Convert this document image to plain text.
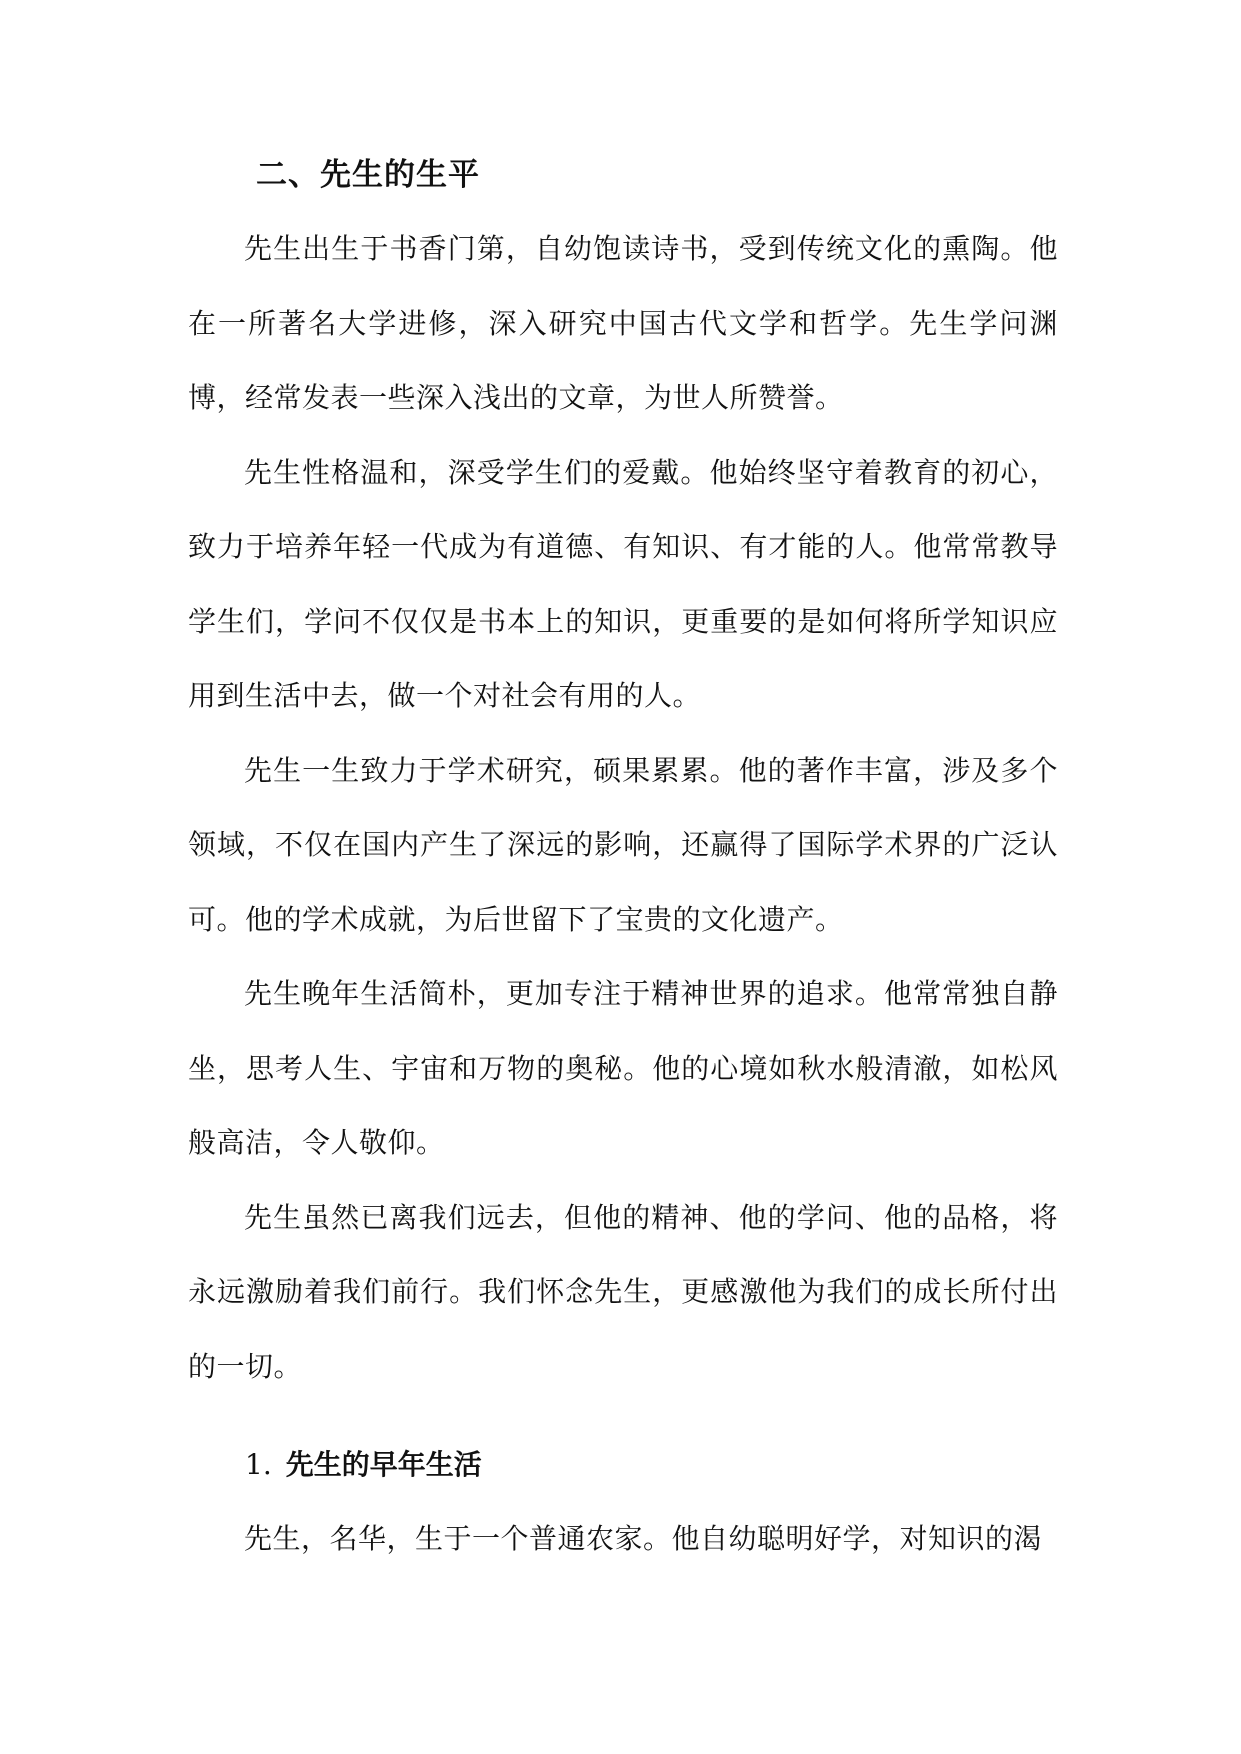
二、先生的生平

先生出生于书香门第，自幼饱读诗书，受到传统文化的熏陶。他在一所著名大学进修，深入研究中国古代文学和哲学。先生学问渊博，经常发表一些深入浅出的文章，为世人所赞誉。

先生性格温和，深受学生们的爱戴。他始终坚守着教育的初心，致力于培养年轻一代成为有道德、有知识、有才能的人。他常常教导学生们，学问不仅仅是书本上的知识，更重要的是如何将所学知识应用到生活中去，做一个对社会有用的人。

先生一生致力于学术研究，硕果累累。他的著作丰富，涉及多个领域，不仅在国内产生了深远的影响，还赢得了国际学术界的广泛认可。他的学术成就，为后世留下了宝贵的文化遗产。

先生晚年生活简朴，更加专注于精神世界的追求。他常常独自静坐，思考人生、宇宙和万物的奥秘。他的心境如秋水般清澈，如松风般高洁，令人敬仰。

先生虽然已离我们远去，但他的精神、他的学问、他的品格，将永远激励着我们前行。我们怀念先生，更感激他为我们的成长所付出的一切。

1. 先生的早年生活

先生，名华，生于一个普通农家。他自幼聪明好学，对知识的渴
